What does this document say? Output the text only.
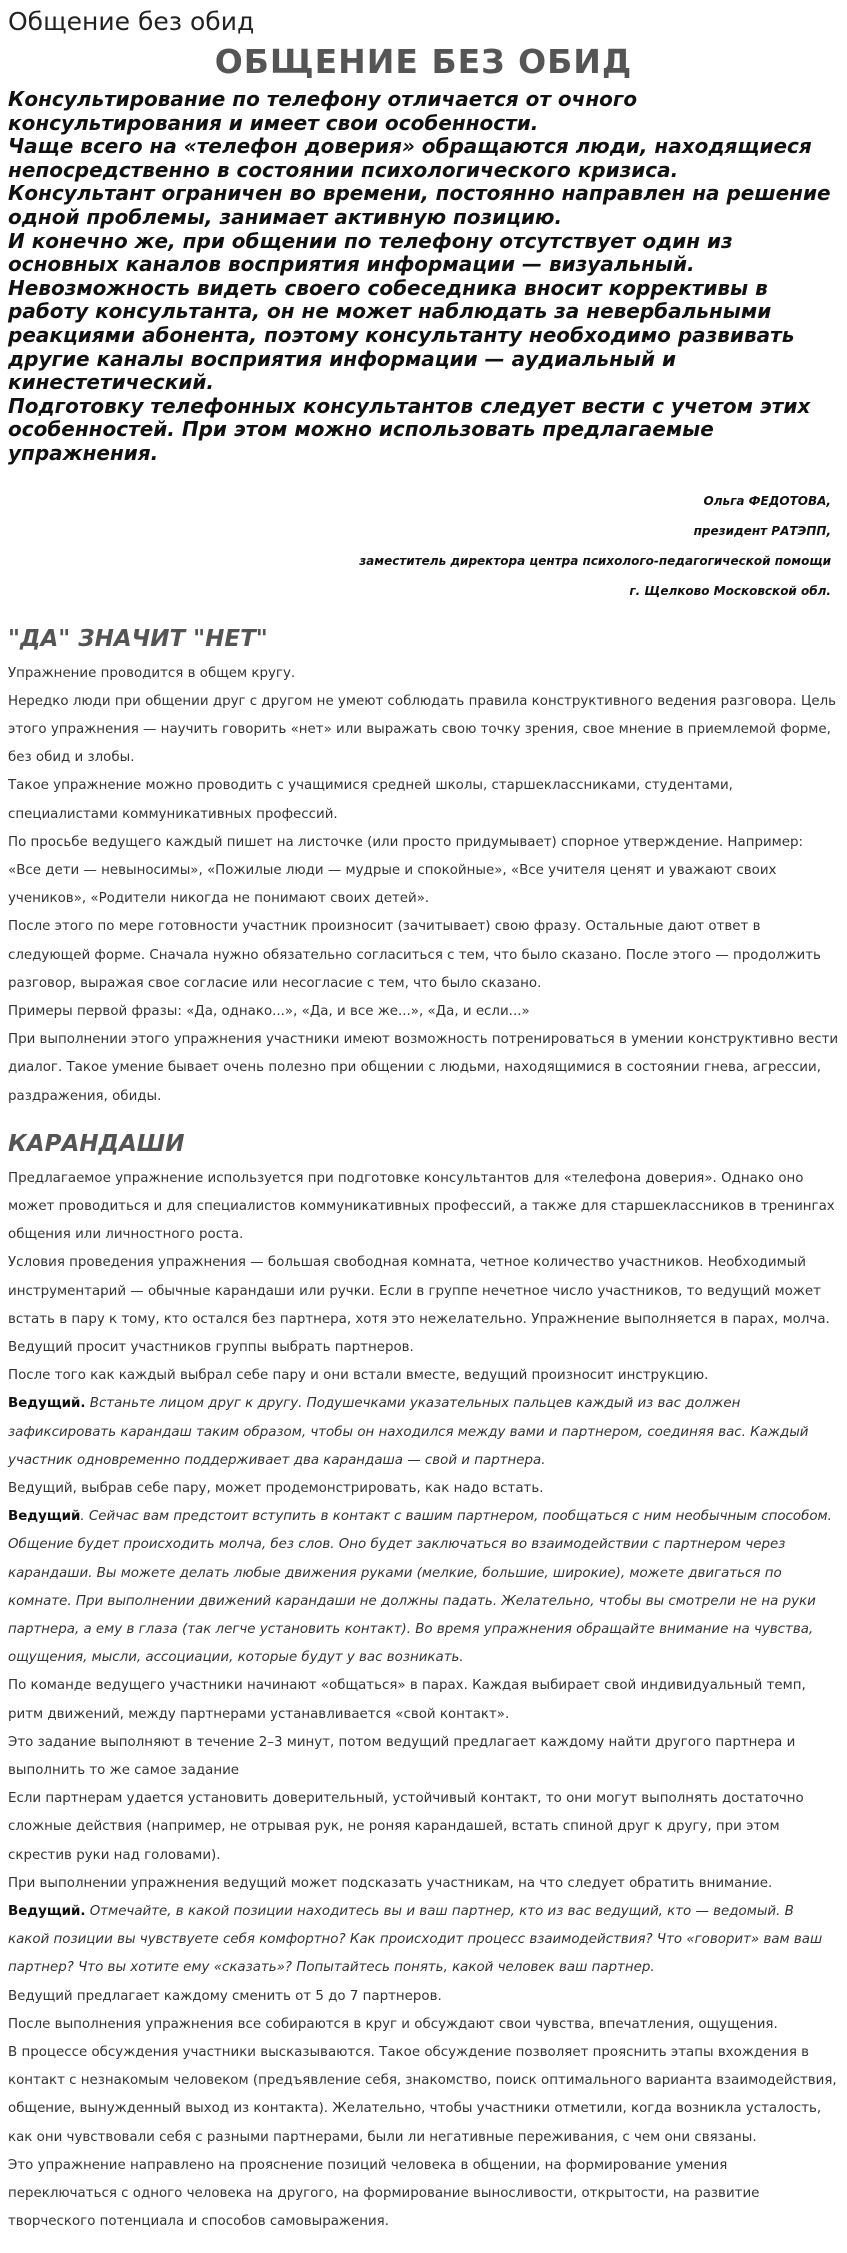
Общение без обид
ОБЩЕНИЕ БЕЗ ОБИД

Консультирование по телефону отличается от очного консультирования и имеет свои особенности.

Чаще всего на «телефон доверия» обращаются люди, находящиеся непосредственно в состоянии психологического кризиса.

Консультант ограничен во времени, постоянно направлен на решение одной проблемы, занимает активную позицию.

И конечно же, при общении по телефону отсутствует один из основных каналов восприятия информации — визуальный.

Невозможность видеть своего собеседника вносит коррективы в работу консультанта, он не может наблюдать за невербальными реакциями абонента, поэтому консультанту необходимо развивать другие каналы восприятия информации — аудиальный и кинестетический.

Подготовку телефонных консультантов следует вести с учетом этих особенностей. При этом можно использовать предлагаемые упражнения.

Ольга ФЕДОТОВА,
президент РАТЭПП,
заместитель директора центра психолого-педагогической помощи
г. Щелково Московской обл.
"ДА" ЗНАЧИТ "НЕТ"

Упражнение проводится в общем кругу.

Нередко люди при общении друг с другом не умеют соблюдать правила конструктивного ведения разговора. Цель этого упражнения — научить говорить «нет» или выражать свою точку зрения, свое мнение в приемлемой форме, без обид и злобы.

Такое упражнение можно проводить с учащимися средней школы, старшеклассниками, студентами, специалистами коммуникативных профессий.

По просьбе ведущего каждый пишет на листочке (или просто придумывает) спорное утверждение. Например: «Все дети — невыносимы», «Пожилые люди — мудрые и спокойные», «Все учителя ценят и уважают своих учеников», «Родители никогда не понимают своих детей».

После этого по мере готовности участник произносит (зачитывает) свою фразу. Остальные дают ответ в следующей форме. Сначала нужно обязательно согласиться с тем, что было сказано. После этого — продолжить разговор, выражая свое согласие или несогласие с тем, что было сказано.

Примеры первой фразы: «Да, однако...», «Да, и все же...», «Да, и если...»

При выполнении этого упражнения участники имеют возможность потренироваться в умении конструктивно вести диалог. Такое умение бывает очень полезно при общении с людьми, находящимися в состоянии гнева, агрессии, раздражения, обиды.

КАРАНДАШИ

Предлагаемое упражнение используется при подготовке консультантов для «телефона доверия». Однако оно может проводиться и для специалистов коммуникативных профессий, а также для старшеклассников в тренингах общения или личностного роста.

Условия проведения упражнения — большая свободная комната, четное количество участников. Необходимый инструментарий — обычные карандаши или ручки. Если в группе нечетное число участников, то ведущий может встать в пару к тому, кто остался без партнера, хотя это нежелательно. Упражнение выполняется в парах, молча. Ведущий просит участников группы выбрать партнеров.

После того как каждый выбрал себе пару и они встали вместе, ведущий произносит инструкцию.

Ведущий. Встаньте лицом друг к другу. Подушечками указательных пальцев каждый из вас должен зафиксировать карандаш таким образом, чтобы он находился между вами и партнером, соединяя вас. Каждый участник одновременно поддерживает два карандаша — свой и партнера.

Ведущий, выбрав себе пару, может продемонстрировать, как надо встать.

Ведущий. Сейчас вам предстоит вступить в контакт с вашим партнером, пообщаться с ним необычным способом. Общение будет происходить молча, без слов. Оно будет заключаться во взаимодействии с партнером через карандаши. Вы можете делать любые движения руками (мелкие, большие, широкие), можете двигаться по комнате. При выполнении движений карандаши не должны падать. Желательно, чтобы вы смотрели не на руки партнера, а ему в глаза (так легче установить контакт). Во время упражнения обращайте внимание на чувства, ощущения, мысли, ассоциации, которые будут у вас возникать.

По команде ведущего участники начинают «общаться» в парах. Каждая выбирает свой индивидуальный темп, ритм движений, между партнерами устанавливается «свой контакт».

Это задание выполняют в течение 2–3 минут, потом ведущий предлагает каждому найти другого партнера и выполнить то же самое задание

Если партнерам удается установить доверительный, устойчивый контакт, то они могут выполнять достаточно сложные действия (например, не отрывая рук, не роняя карандашей, встать спиной друг к другу, при этом скрестив руки над головами).

При выполнении упражнения ведущий может подсказать участникам, на что следует обратить внимание.

Ведущий. Отмечайте, в какой позиции находитесь вы и ваш партнер, кто из вас ведущий, кто — ведомый. В какой позиции вы чувствуете себя комфортно? Как происходит процесс взаимодействия? Что «говорит» вам ваш партнер? Что вы хотите ему «сказать»? Попытайтесь понять, какой человек ваш партнер.

Ведущий предлагает каждому сменить от 5 до 7 партнеров.

После выполнения упражнения все собираются в круг и обсуждают свои чувства, впечатления, ощущения.

В процессе обсуждения участники высказываются. Такое обсуждение позволяет прояснить этапы вхождения в контакт с незнакомым человеком (предъявление себя, знакомство, поиск оптимального варианта взаимодействия, общение, вынужденный выход из контакта). Желательно, чтобы участники отметили, когда возникла усталость, как они чувствовали себя с разными партнерами, были ли негативные переживания, с чем они связаны.

Это упражнение направлено на прояснение позиций человека в общении, на формирование умения переключаться с одного человека на другого, на формирование выносливости, открытости, на развитие творческого потенциала и способов самовыражения.
